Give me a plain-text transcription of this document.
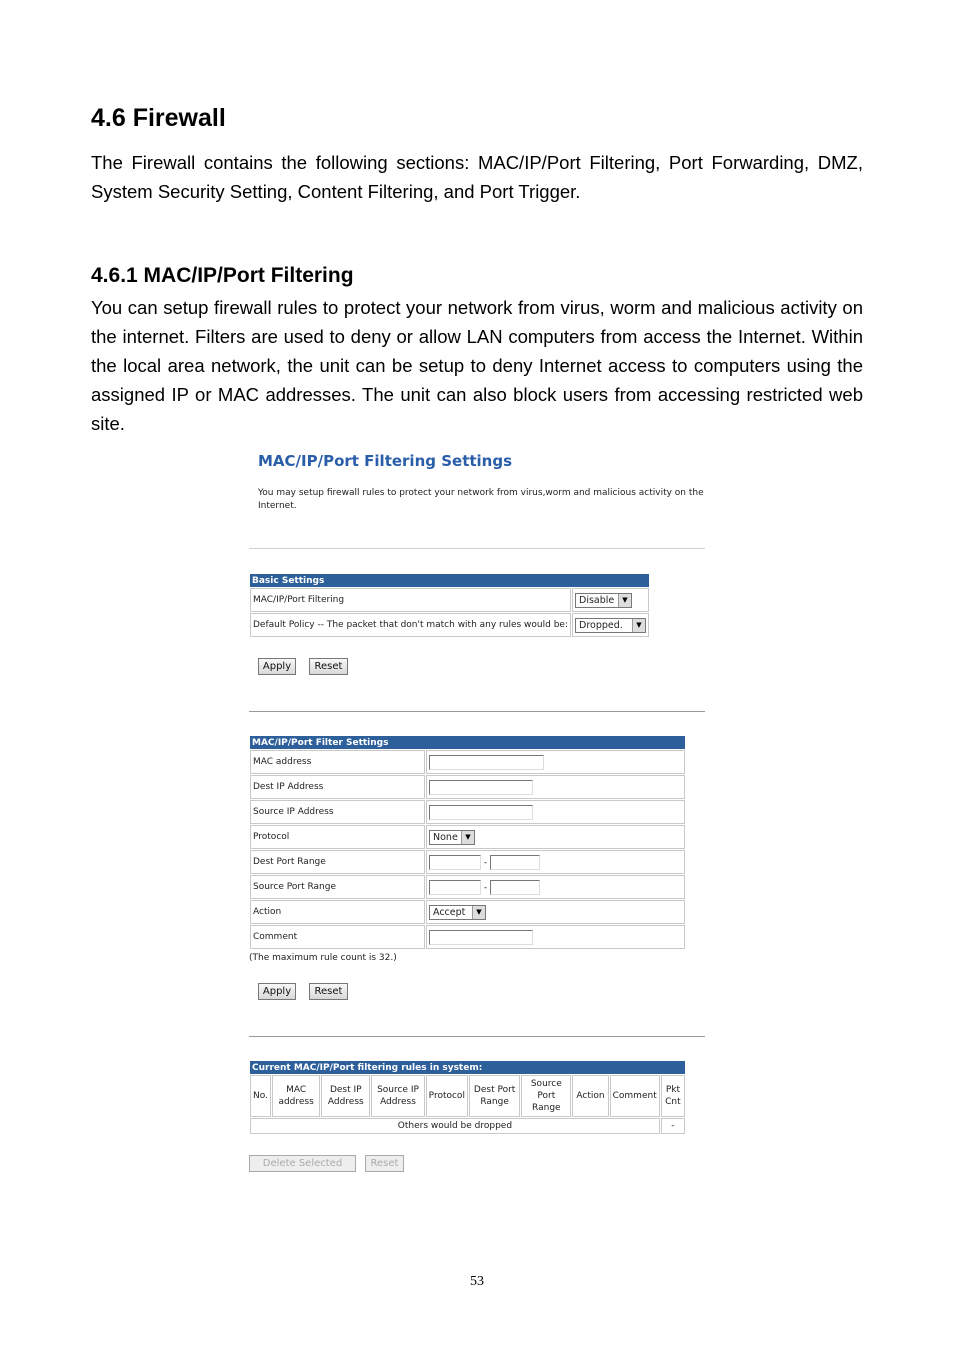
4.6 Firewall

The Firewall contains the following sections: MAC/IP/Port Filtering, Port Forwarding, DMZ, System Security Setting, Content Filtering, and Port Trigger.

4.6.1 MAC/IP/Port Filtering

You can setup firewall rules to protect your network from virus, worm and malicious activity on the internet. Filters are used to deny or allow LAN computers from access the Internet. Within the local area network, the unit can be setup to deny Internet access to computers using the assigned IP or MAC addresses. The unit can also block users from accessing restricted web site.

MAC/IP/Port Filtering Settings
You may setup firewall rules to protect your network from virus,worm and malicious activity on the Internet.
Basic Settings	
MAC/IP/Port Filtering	Disable ▼

Default Policy -- The packet that don't match with any rules would be:	Dropped. ▼
Apply	Reset
MAC/IP/Port Filter Settings	
MAC address	
Dest IP Address	
Source IP Address	
Protocol	None ▼

Dest Port Range	-
Source Port Range	-
Action	Accept ▼

Comment	
(The maximum rule count is 32.)
Apply	Reset
Current MAC/IP/Port filtering rules in system:									
No.	MAC address	Dest IP Address	Source IP Address	Protocol	Dest Port Range	Source Port Range	Action	Comment	Pkt Cnt
Others would be dropped									-
Delete Selected	Reset
53
